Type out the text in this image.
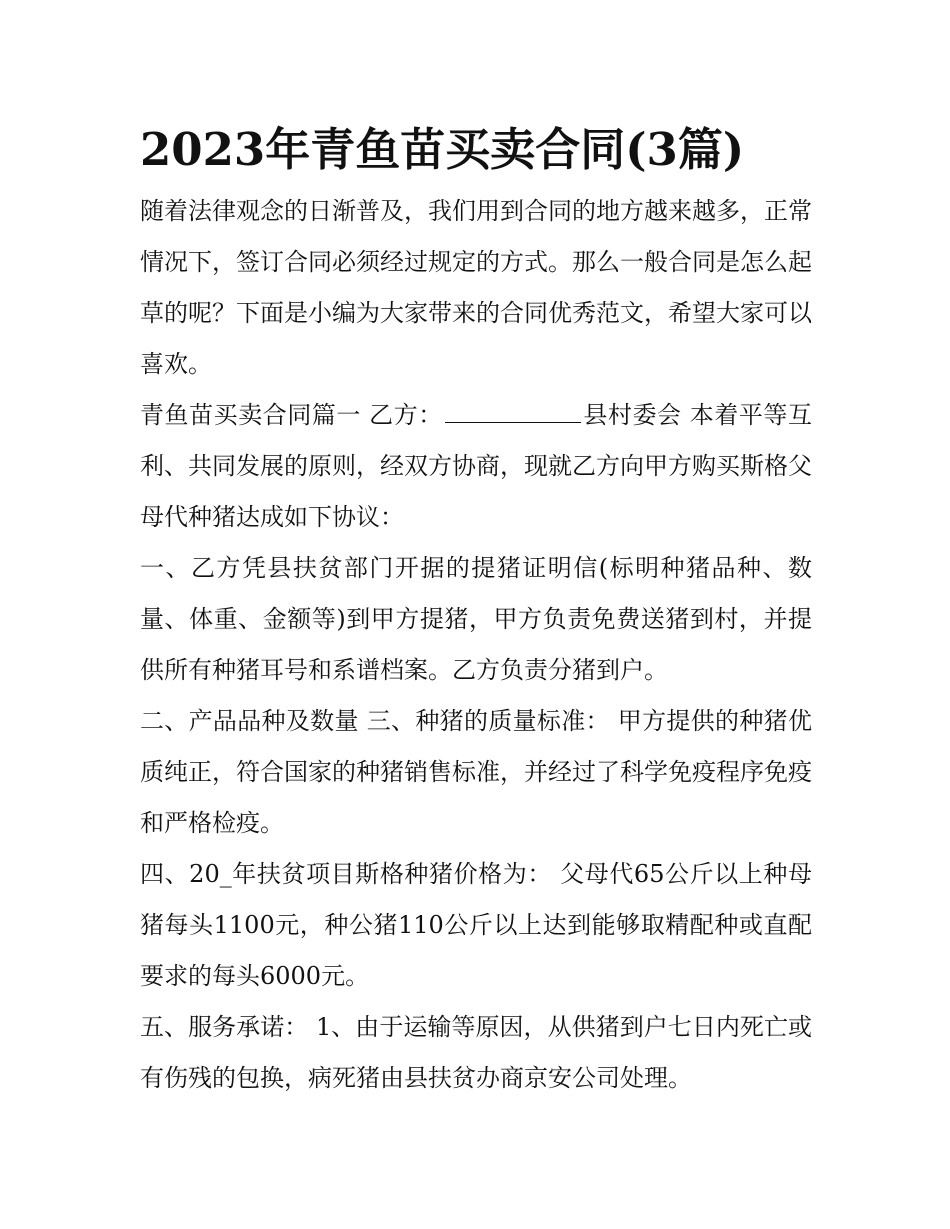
2023年青鱼苗买卖合同(3篇)

随着法律观念的日渐普及，我们用到合同的地方越来越多，正常情况下，签订合同必须经过规定的方式。那么一般合同是怎么起草的呢？下面是小编为大家带来的合同优秀范文，希望大家可以喜欢。

青鱼苗买卖合同篇一 乙方：	县村委会 本着平等互利、共同发展的原则，经双方协商，现就乙方向甲方购买斯格父母代种猪达成如下协议：

一、乙方凭县扶贫部门开据的提猪证明信(标明种猪品种、数量、体重、金额等)到甲方提猪，甲方负责免费送猪到村，并提供所有种猪耳号和系谱档案。乙方负责分猪到户。

二、产品品种及数量 三、种猪的质量标准： 甲方提供的种猪优质纯正，符合国家的种猪销售标准，并经过了科学免疫程序免疫和严格检疫。

四、20_年扶贫项目斯格种猪价格为： 父母代65公斤以上种母猪每头1100元，种公猪110公斤以上达到能够取精配种或直配要求的每头6000元。

五、服务承诺： 1、由于运输等原因，从供猪到户七日内死亡或有伤残的包换，病死猪由县扶贫办商京安公司处理。
